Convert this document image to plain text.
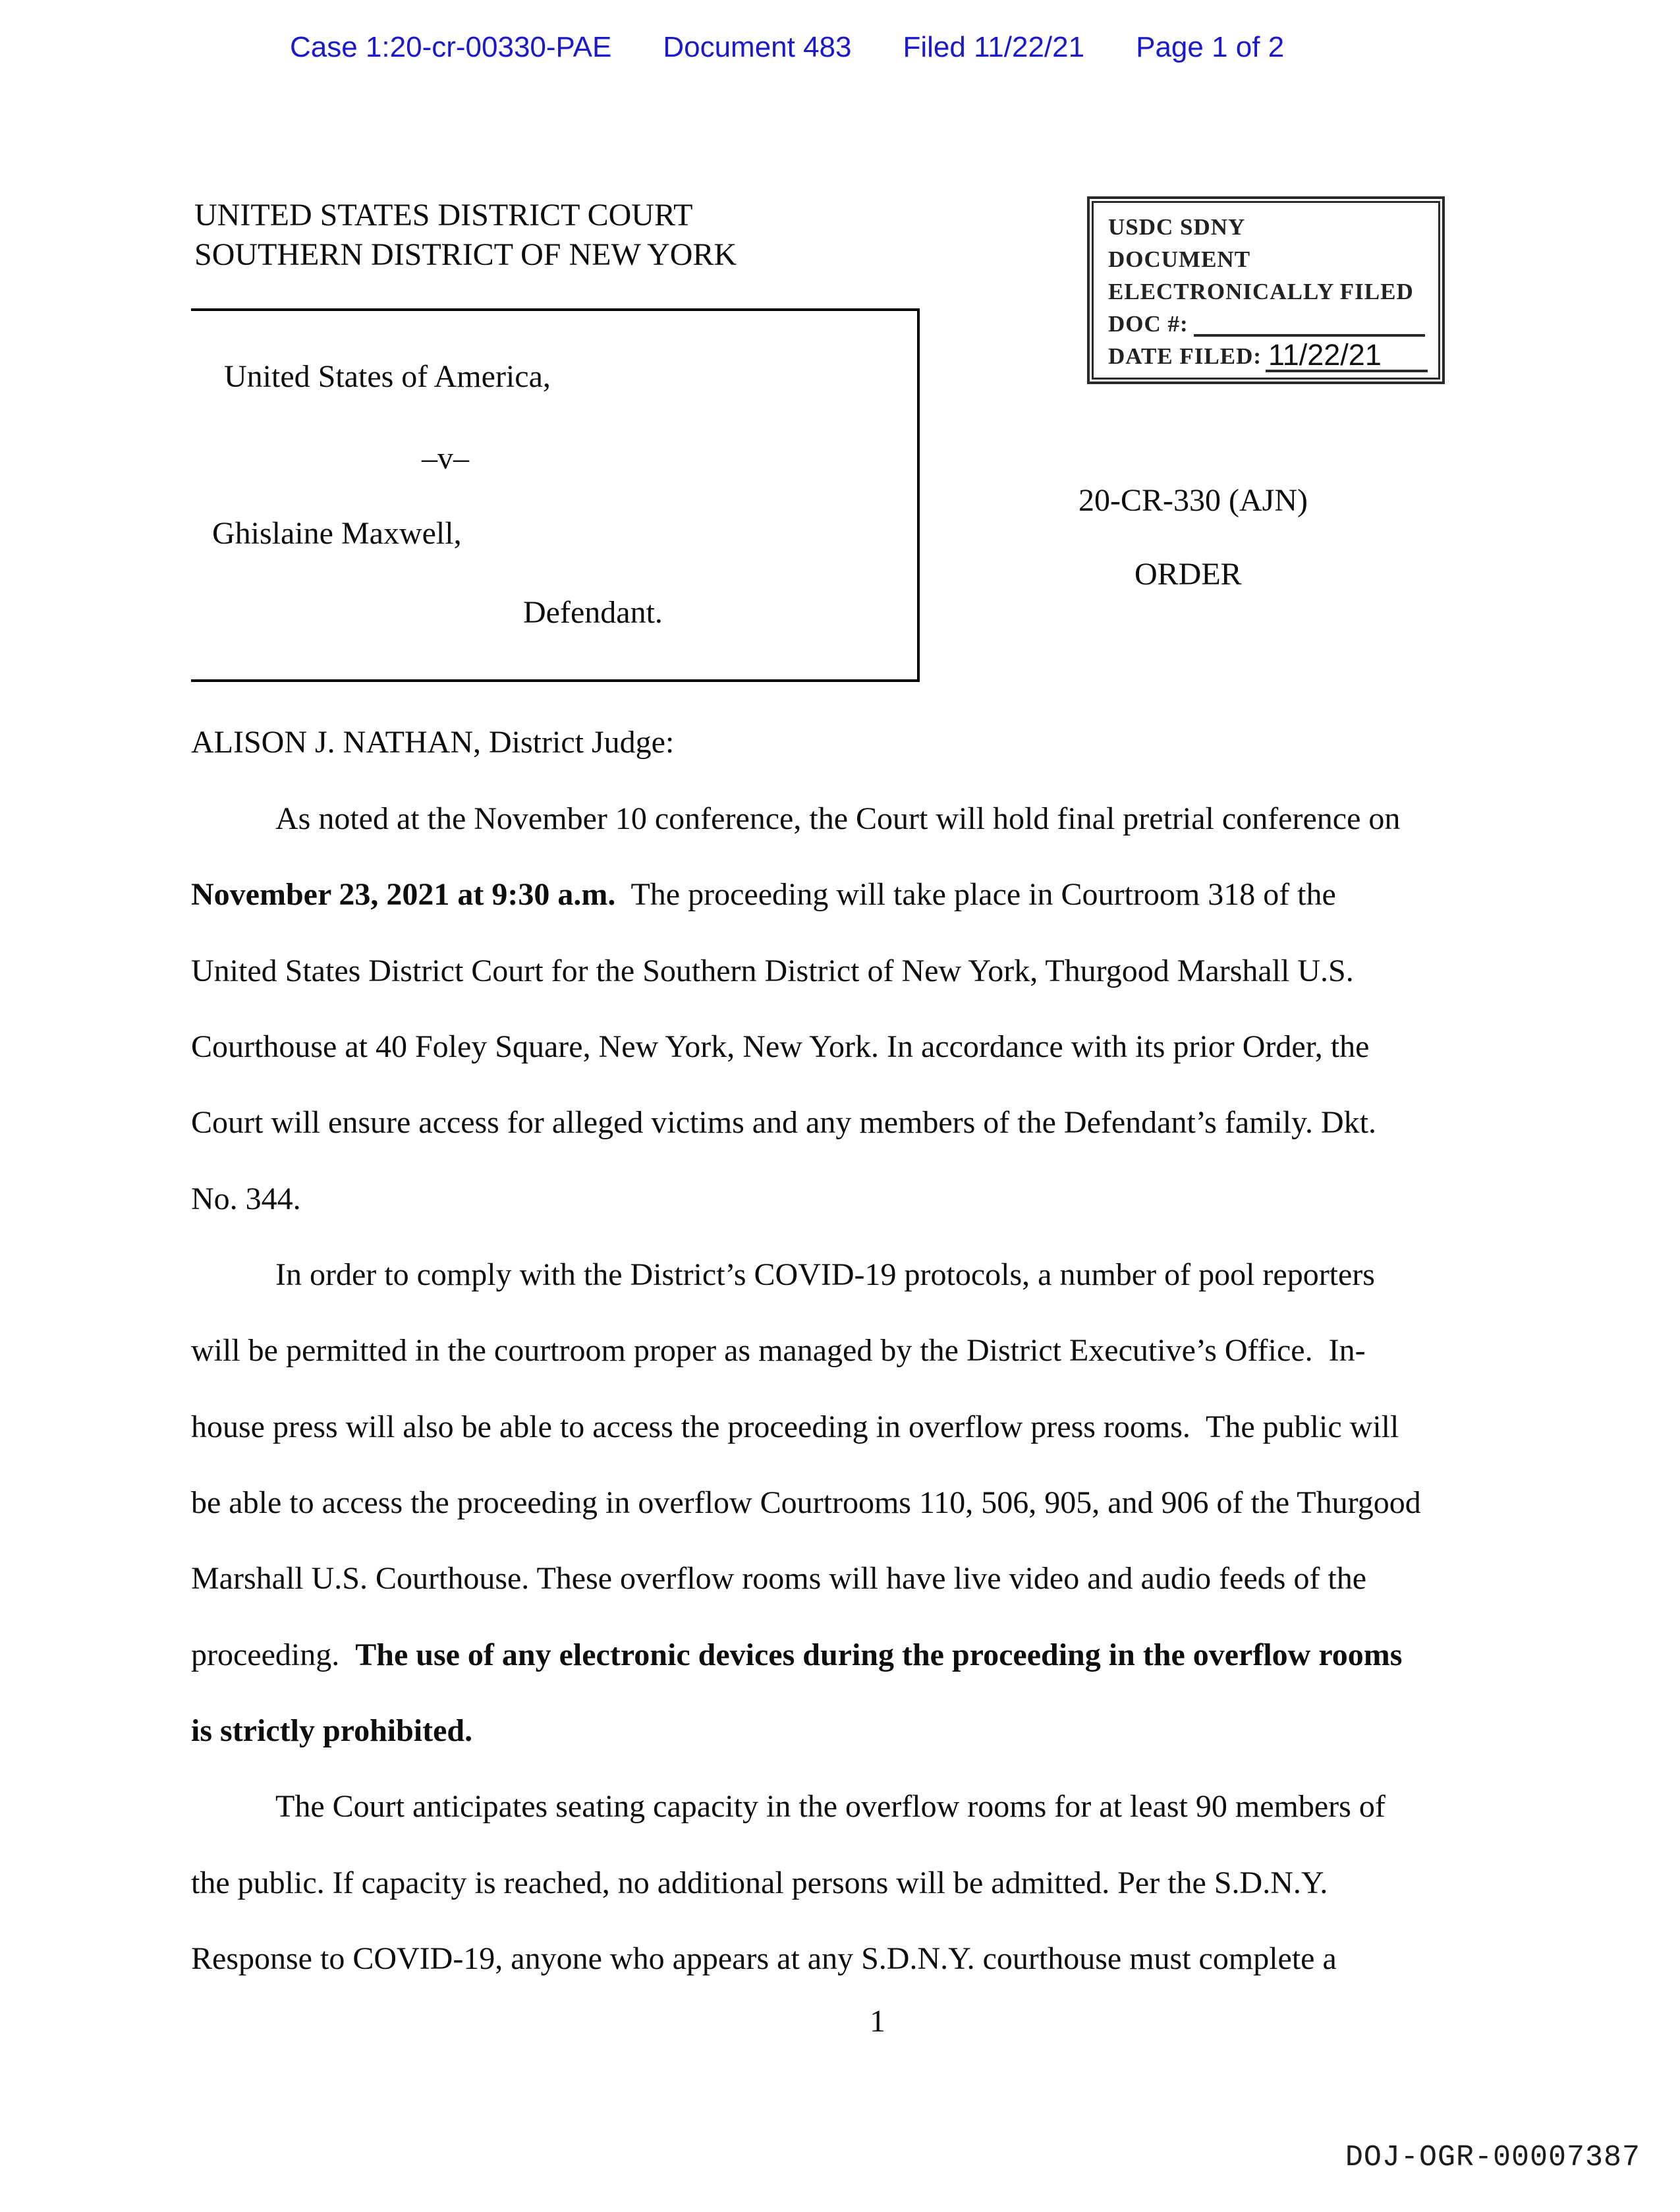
Case 1:20-cr-00330-PAE Document 483 Filed 11/22/21 Page 1 of 2
UNITED STATES DISTRICT COURT
SOUTHERN DISTRICT OF NEW YORK
USDC SDNY
DOCUMENT
ELECTRONICALLY FILED
DOC #:
DATE FILED: 11/22/21
United States of America,
–v–
Ghislaine Maxwell,
Defendant.
20-CR-330 (AJN)
ORDER
ALISON J. NATHAN, District Judge:
As noted at the November 10 conference, the Court will hold final pretrial conference on
November 23, 2021 at 9:30 a.m.  The proceeding will take place in Courtroom 318 of the
United States District Court for the Southern District of New York, Thurgood Marshall U.S.
Courthouse at 40 Foley Square, New York, New York. In accordance with its prior Order, the
Court will ensure access for alleged victims and any members of the Defendant’s family. Dkt.
No. 344.
In order to comply with the District’s COVID-19 protocols, a number of pool reporters
will be permitted in the courtroom proper as managed by the District Executive’s Office.  In-
house press will also be able to access the proceeding in overflow press rooms.  The public will
be able to access the proceeding in overflow Courtrooms 110, 506, 905, and 906 of the Thurgood
Marshall U.S. Courthouse. These overflow rooms will have live video and audio feeds of the
proceeding.  The use of any electronic devices during the proceeding in the overflow rooms
is strictly prohibited.
The Court anticipates seating capacity in the overflow rooms for at least 90 members of
the public. If capacity is reached, no additional persons will be admitted. Per the S.D.N.Y.
Response to COVID-19, anyone who appears at any S.D.N.Y. courthouse must complete a
1
DOJ-OGR-00007387
